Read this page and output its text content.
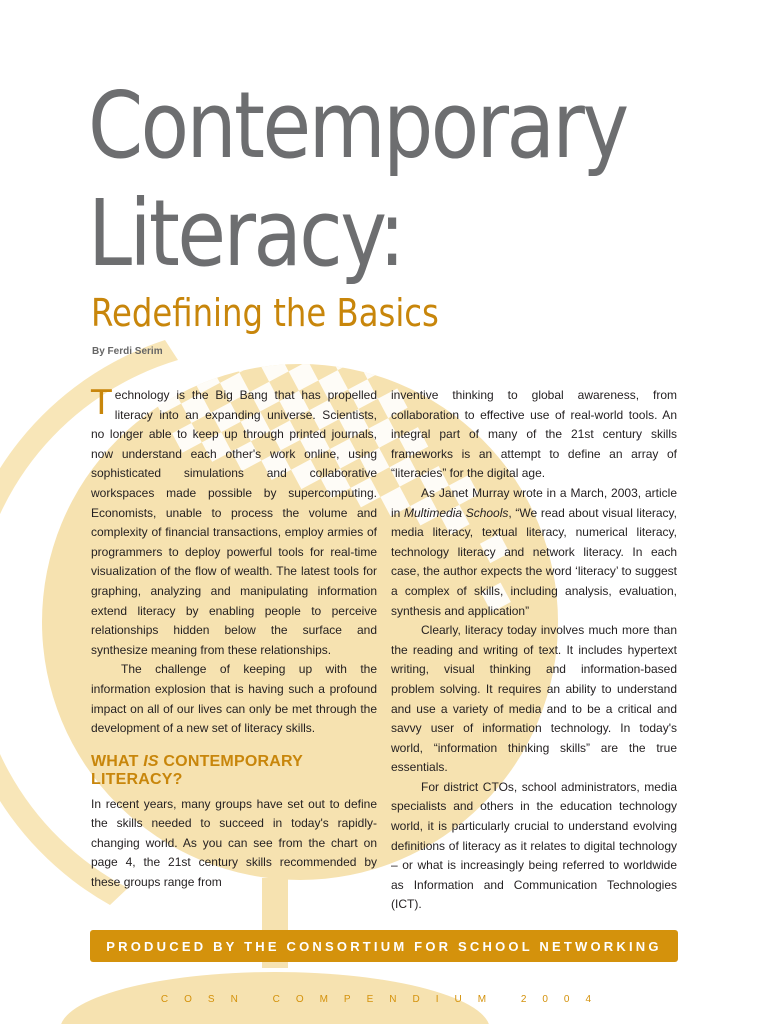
Contemporary
Literacy:
Redefining the Basics
By Ferdi Serim

Technology is the Big Bang that has propelled literacy into an expanding universe. Scientists, no longer able to keep up through printed journals, now understand each other's work online, using sophisticated simulations and collaborative workspaces made possible by supercomputing. Economists, unable to process the volume and complexity of financial transactions, employ armies of programmers to deploy powerful tools for real-time visualization of the flow of wealth. The latest tools for graphing, analyzing and manipulating information extend literacy by enabling people to perceive relationships hidden below the surface and synthesize meaning from these relationships.

The challenge of keeping up with the information explosion that is having such a profound impact on all of our lives can only be met through the development of a new set of literacy skills.

WHAT IS CONTEMPORARY LITERACY?

In recent years, many groups have set out to define the skills needed to succeed in today's rapidly-changing world. As you can see from the chart on page 4, the 21st century skills recommended by these groups range from

inventive thinking to global awareness, from collaboration to effective use of real-world tools. An integral part of many of the 21st century skills frameworks is an attempt to define an array of “literacies” for the digital age.

As Janet Murray wrote in a March, 2003, article in Multimedia Schools, “We read about visual literacy, media literacy, textual literacy, numerical literacy, technology literacy and network literacy. In each case, the author expects the word ‘literacy’ to suggest a complex of skills, including analysis, evaluation, synthesis and application”

Clearly, literacy today involves much more than the reading and writing of text. It includes hypertext writing, visual thinking and information-based problem solving. It requires an ability to understand and use a variety of media and to be a critical and savvy user of information technology. In today's world, “information thinking skills” are the true essentials.

For district CTOs, school administrators, media specialists and others in the education technology world, it is particularly crucial to understand evolving definitions of literacy as it relates to digital technology – or what is increasingly being referred to worldwide as Information and Communication Technologies (ICT).

PRODUCED BY THE CONSORTIUM FOR SCHOOL NETWORKING
COSN COMPENDIUM 2004
